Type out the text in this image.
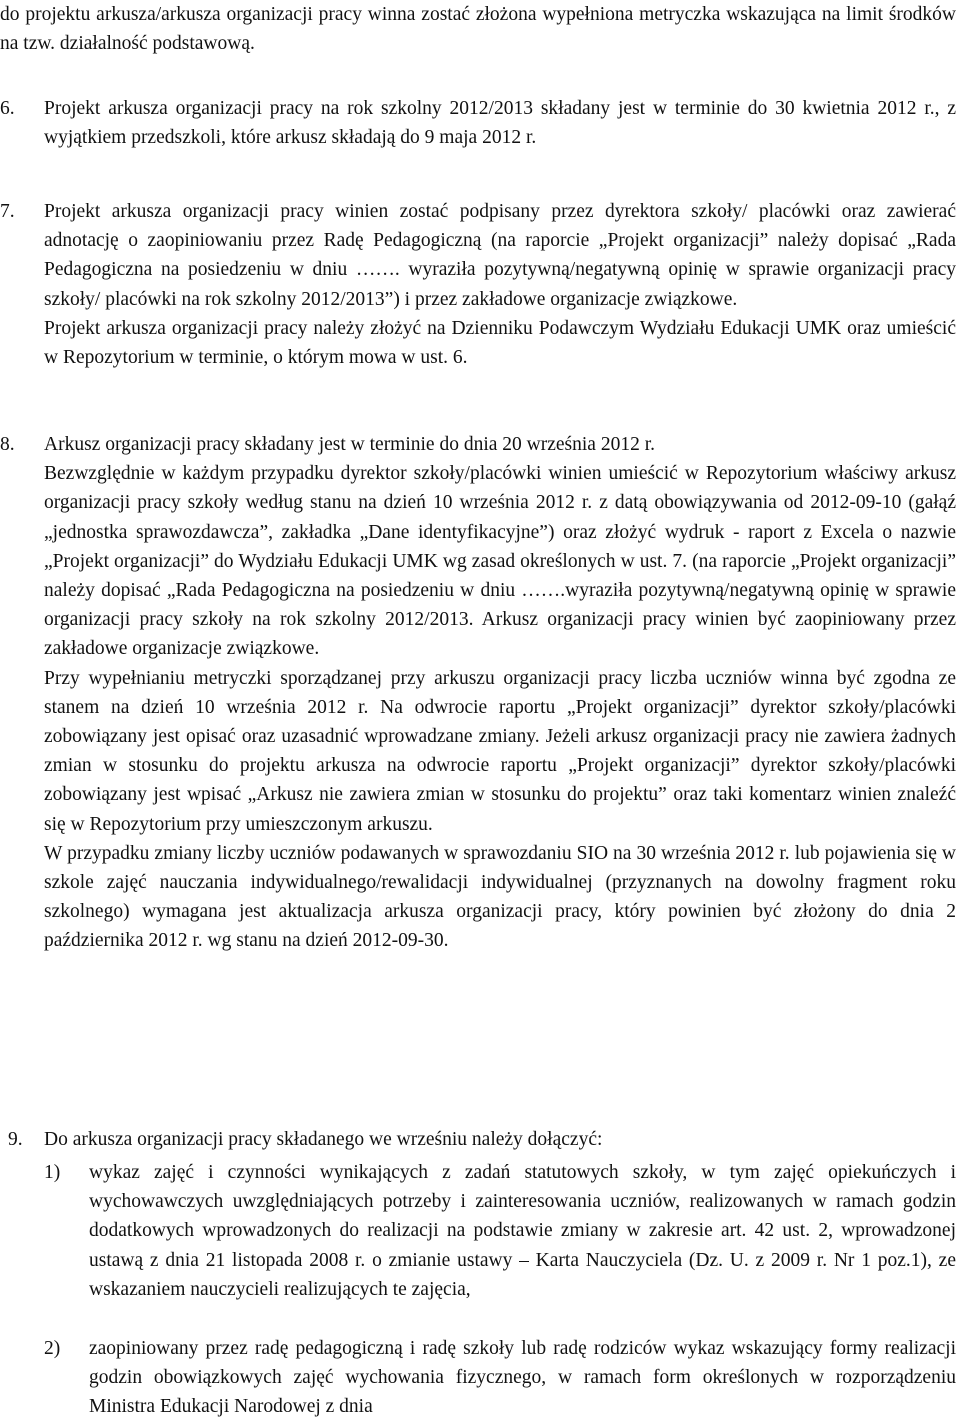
do projektu arkusza/arkusza organizacji pracy winna zostać złożona wypełniona metryczka wskazująca na limit środków na tzw. działalność podstawową.

6. Projekt arkusza organizacji pracy na rok szkolny 2012/2013 składany jest w terminie do 30 kwietnia 2012 r., z wyjątkiem przedszkoli, które arkusz składają do 9 maja 2012 r.

7. Projekt arkusza organizacji pracy winien zostać podpisany przez dyrektora szkoły/ placówki oraz zawierać adnotację o zaopiniowaniu przez Radę Pedagogiczną (na raporcie „Projekt organizacji” należy dopisać „Rada Pedagogiczna na posiedzeniu w dniu ……. wyraziła pozytywną/negatywną opinię w sprawie organizacji pracy szkoły/ placówki na rok szkolny 2012/2013”) i przez zakładowe organizacje związkowe.

Projekt arkusza organizacji pracy należy złożyć na Dzienniku Podawczym Wydziału Edukacji UMK oraz umieścić w Repozytorium w terminie, o którym mowa w ust. 6.

8. Arkusz organizacji pracy składany jest w terminie do dnia 20 września 2012 r.

Bezwzględnie w każdym przypadku dyrektor szkoły/placówki winien umieścić w Repozytorium właściwy arkusz organizacji pracy szkoły według stanu na dzień 10 września 2012 r. z datą obowiązywania od 2012-09-10 (gałąź „jednostka sprawozdawcza”, zakładka „Dane identyfikacyjne”) oraz złożyć wydruk - raport z Excela o nazwie „Projekt organizacji” do Wydziału Edukacji UMK wg zasad określonych w ust. 7. (na raporcie „Projekt organizacji” należy dopisać „Rada Pedagogiczna na posiedzeniu w dniu …….wyraziła pozytywną/negatywną opinię w sprawie organizacji pracy szkoły na rok szkolny 2012/2013. Arkusz organizacji pracy winien być zaopiniowany przez zakładowe organizacje związkowe.

Przy wypełnianiu metryczki sporządzanej przy arkuszu organizacji pracy liczba uczniów winna być zgodna ze stanem na dzień 10 września 2012 r. Na odwrocie raportu „Projekt organizacji” dyrektor szkoły/placówki zobowiązany jest opisać oraz uzasadnić wprowadzane zmiany. Jeżeli arkusz organizacji pracy nie zawiera żadnych zmian w stosunku do projektu arkusza na odwrocie raportu „Projekt organizacji” dyrektor szkoły/placówki zobowiązany jest wpisać „Arkusz nie zawiera zmian w stosunku do projektu” oraz taki komentarz winien znaleźć się w Repozytorium przy umieszczonym arkuszu.

W przypadku zmiany liczby uczniów podawanych w sprawozdaniu SIO na 30 września 2012 r. lub pojawienia się w szkole zajęć nauczania indywidualnego/rewalidacji indywidualnej (przyznanych na dowolny fragment roku szkolnego) wymagana jest aktualizacja arkusza organizacji pracy, który powinien być złożony do dnia 2 października 2012 r. wg stanu na dzień 2012-09-30.

9. Do arkusza organizacji pracy składanego we wrześniu należy dołączyć:

1) wykaz zajęć i czynności wynikających z zadań statutowych szkoły, w tym zajęć opiekuńczych i wychowawczych uwzględniających potrzeby i zainteresowania uczniów, realizowanych w ramach godzin dodatkowych wprowadzonych do realizacji na podstawie zmiany w zakresie art. 42 ust. 2, wprowadzonej ustawą z dnia 21 listopada 2008 r. o zmianie ustawy – Karta Nauczyciela (Dz. U. z 2009 r. Nr 1 poz.1), ze wskazaniem nauczycieli realizujących te zajęcia,

2) zaopiniowany przez radę pedagogiczną i radę szkoły lub radę rodziców wykaz wskazujący formy realizacji godzin obowiązkowych zajęć wychowania fizycznego, w ramach form określonych w rozporządzeniu Ministra Edukacji Narodowej z dnia
